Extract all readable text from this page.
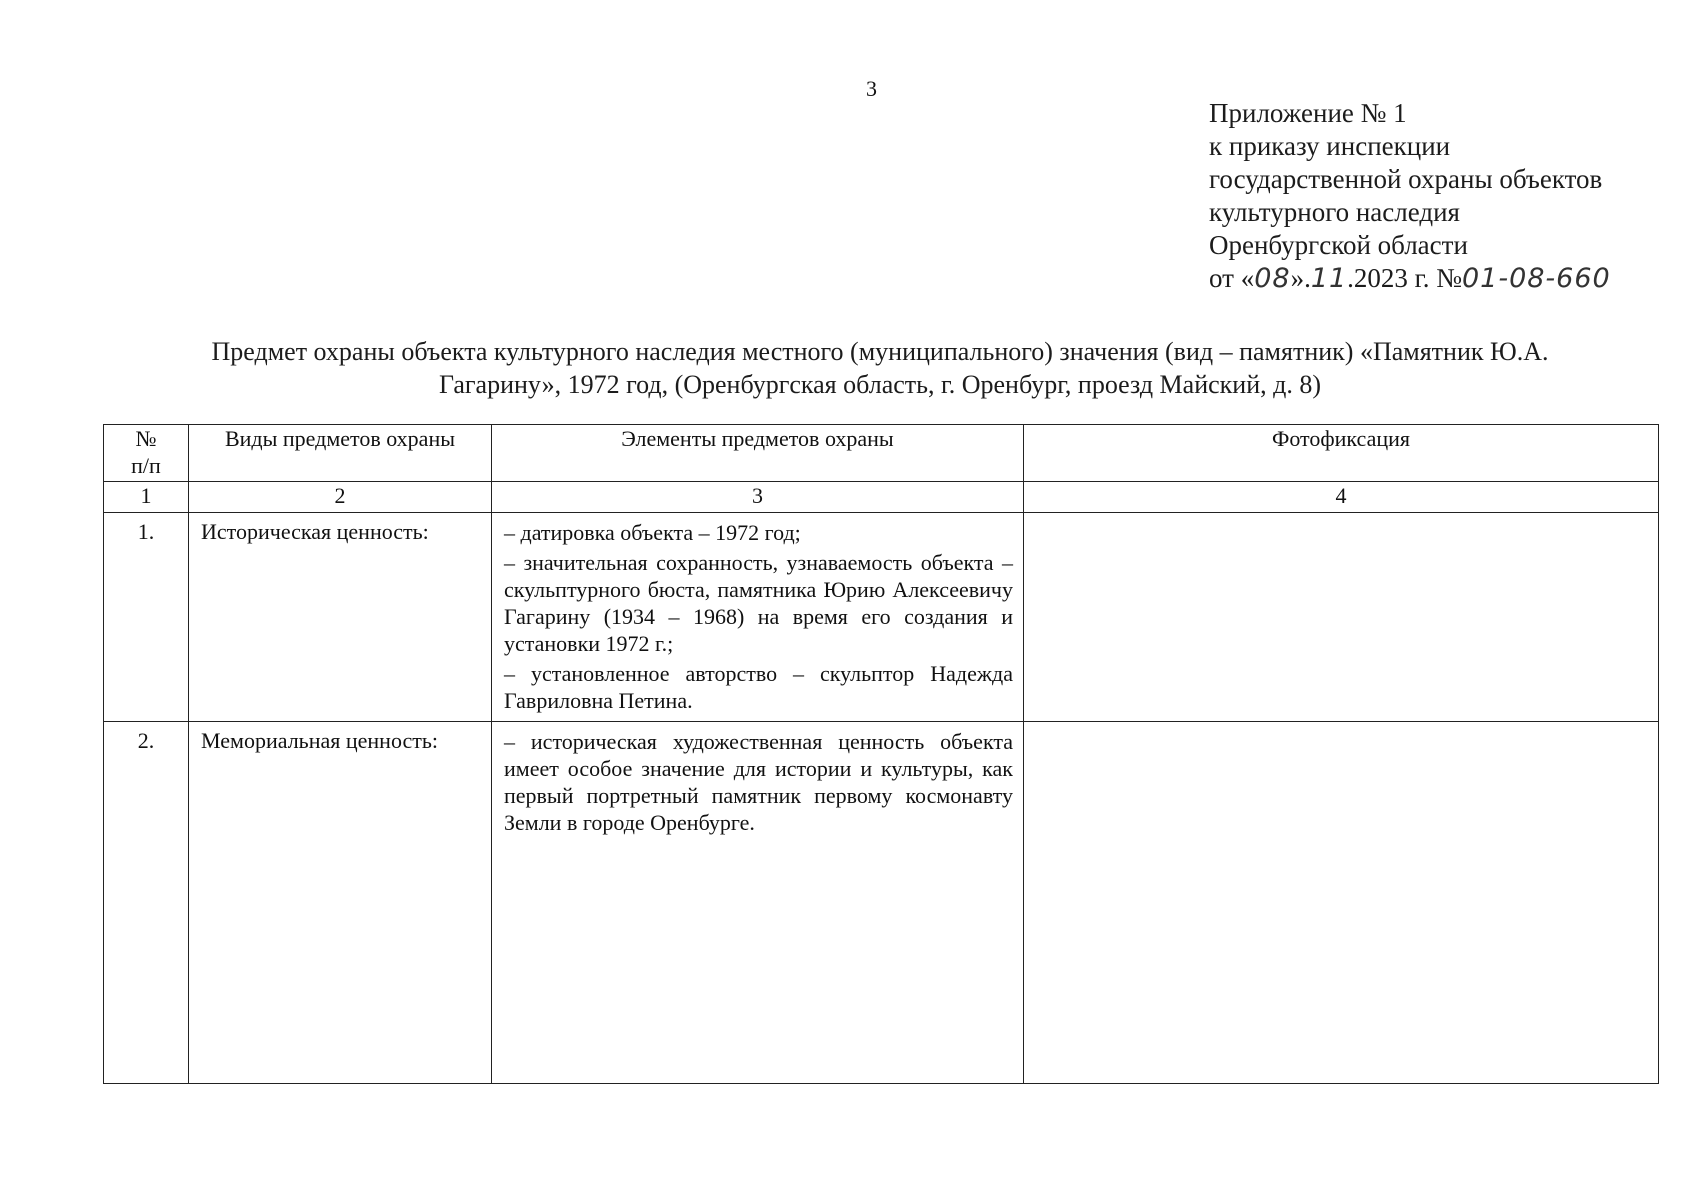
3
Приложение № 1
к приказу инспекции
государственной охраны объектов
культурного наследия
Оренбургской области
от «08».11.2023 г. №01-08-660
Предмет охраны объекта культурного наследия местного (муниципального) значения (вид – памятник) «Памятник Ю.А.
Гагарину», 1972 год, (Оренбургская область, г. Оренбург, проезд Майский, д. 8)
№
п/п	Виды предметов охраны	Элементы предметов охраны	Фотофиксация
1	2	3	4
1.	Историческая ценность:	– датировка объекта – 1972 год;

– значительная сохранность, узнаваемость объекта – скульптурного бюста, памятника Юрию Алексеевичу Гагарину (1934 – 1968) на время его создания и установки 1972 г.;

– установленное авторство – скульптор Надежда Гавриловна Петина.	

2.	Мемориальная ценность:	– историческая художественная ценность объекта имеет особое значение для истории и культуры, как первый портретный памятник первому космонавту Земли в городе Оренбурге.	
